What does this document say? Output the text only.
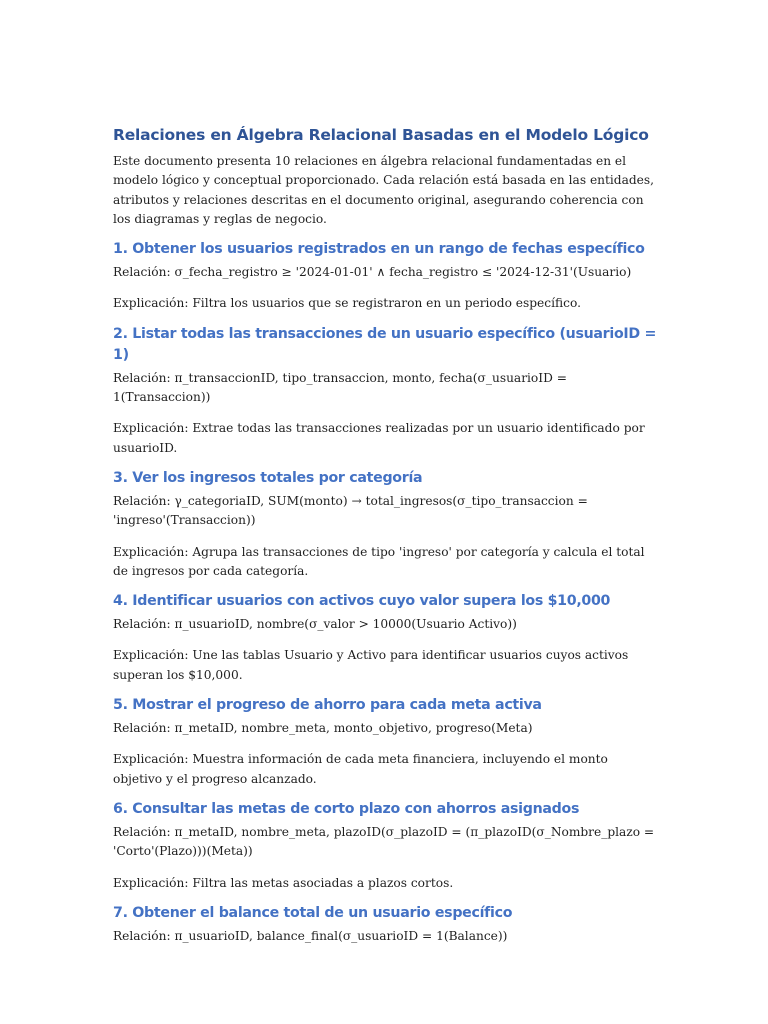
Relaciones en Álgebra Relacional Basadas en el Modelo Lógico

Este documento presenta 10 relaciones en álgebra relacional fundamentadas en el modelo lógico y conceptual proporcionado. Cada relación está basada en las entidades, atributos y relaciones descritas en el documento original, asegurando coherencia con los diagramas y reglas de negocio.

1. Obtener los usuarios registrados en un rango de fechas específico

Relación: σ_fecha_registro ≥ '2024-01-01' ∧ fecha_registro ≤ '2024-12-31'(Usuario)

Explicación: Filtra los usuarios que se registraron en un periodo específico.

2. Listar todas las transacciones de un usuario específico (usuarioID = 1)

Relación: π_transaccionID, tipo_transaccion, monto, fecha(σ_usuarioID = 1(Transaccion))

Explicación: Extrae todas las transacciones realizadas por un usuario identificado por usuarioID.

3. Ver los ingresos totales por categoría

Relación: γ_categoriaID, SUM(monto) → total_ingresos(σ_tipo_transaccion = 'ingreso'(Transaccion))

Explicación: Agrupa las transacciones de tipo 'ingreso' por categoría y calcula el total de ingresos por cada categoría.

4. Identificar usuarios con activos cuyo valor supera los $10,000

Relación: π_usuarioID, nombre(σ_valor > 10000(Usuario Activo))

Explicación: Une las tablas Usuario y Activo para identificar usuarios cuyos activos superan los $10,000.

5. Mostrar el progreso de ahorro para cada meta activa

Relación: π_metaID, nombre_meta, monto_objetivo, progreso(Meta)

Explicación: Muestra información de cada meta financiera, incluyendo el monto objetivo y el progreso alcanzado.

6. Consultar las metas de corto plazo con ahorros asignados

Relación: π_metaID, nombre_meta, plazoID(σ_plazoID = (π_plazoID(σ_Nombre_plazo = 'Corto'(Plazo)))(Meta))

Explicación: Filtra las metas asociadas a plazos cortos.

7. Obtener el balance total de un usuario específico

Relación: π_usuarioID, balance_final(σ_usuarioID = 1(Balance))
